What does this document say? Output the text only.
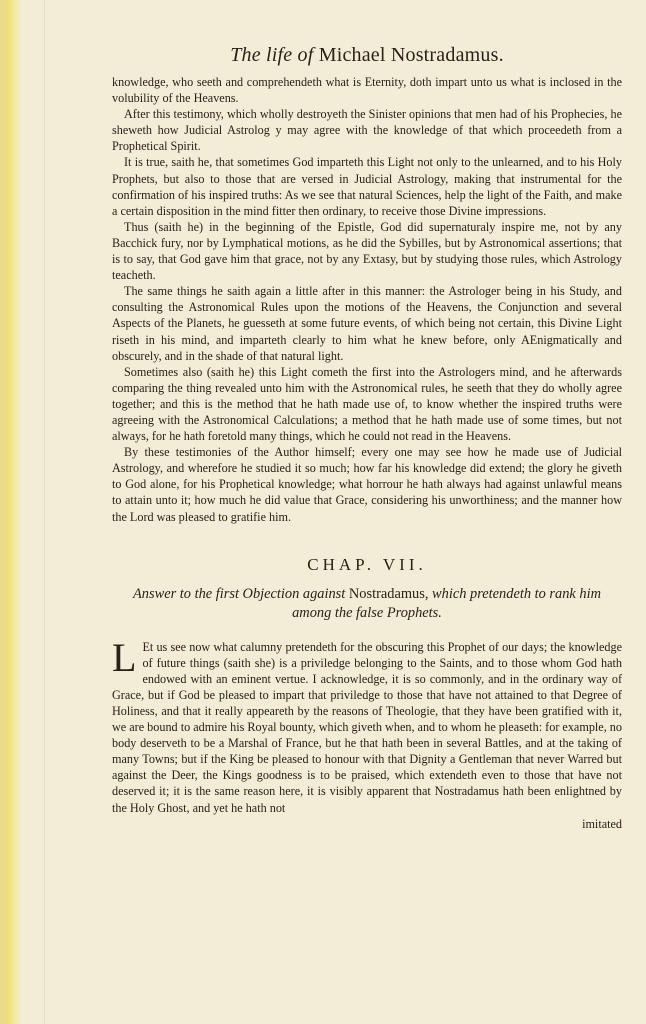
The life of Michael Nostradamus.

knowledge, who seeth and comprehendeth what is Eternity, doth impart unto us what is inclosed in the volubility of the Heavens.

After this testimony, which wholly destroyeth the Sinister opinions that men had of his Prophecies, he sheweth how Judicial Astrolog y may agree with the knowledge of that which proceedeth from a Prophetical Spirit.

It is true, saith he, that sometimes God imparteth this Light not only to the unlearned, and to his Holy Prophets, but also to those that are versed in Judicial Astrology, making that instrumental for the confirmation of his inspired truths: As we see that natural Sciences, help the light of the Faith, and make a certain disposition in the mind fitter then ordinary, to receive those Divine impressions.

Thus (saith he) in the beginning of the Epistle, God did supernaturaly inspire me, not by any Bacchick fury, nor by Lymphatical motions, as he did the Sybilles, but by Astronomical assertions; that is to say, that God gave him that grace, not by any Extasy, but by studying those rules, which Astrology teacheth.

The same things he saith again a little after in this manner: the Astrologer being in his Study, and consulting the Astronomical Rules upon the motions of the Heavens, the Conjunction and several Aspects of the Planets, he guesseth at some future events, of which being not certain, this Divine Light riseth in his mind, and imparteth clearly to him what he knew before, only AEnigmatically and obscurely, and in the shade of that natural light.

Sometimes also (saith he) this Light cometh the first into the Astrologers mind, and he afterwards comparing the thing revealed unto him with the Astronomical rules, he seeth that they do wholly agree together; and this is the method that he hath made use of, to know whether the inspired truths were agreeing with the Astronomical Calculations; a method that he hath made use of some times, but not always, for he hath foretold many things, which he could not read in the Heavens.

By these testimonies of the Author himself; every one may see how he made use of Judicial Astrology, and wherefore he studied it so much; how far his knowledge did extend; the glory he giveth to God alone, for his Prophetical knowledge; what horrour he hath always had against unlawful means to attain unto it; how much he did value that Grace, considering his unworthiness; and the manner how the Lord was pleased to gratifie him.

CHAP. VII.
Answer to the first Objection against Nostradamus, which pretendeth to rank him among the false Prophets.

L Et us see now what calumny pretendeth for the obscuring this Prophet of our days; the knowledge of future things (saith she) is a priviledge belonging to the Saints, and to those whom God hath endowed with an eminent vertue. I acknowledge, it is so commonly, and in the ordinary way of Grace, but if God be pleased to impart that priviledge to those that have not attained to that Degree of Holiness, and that it really appeareth by the reasons of Theologie, that they have been gratified with it, we are bound to admire his Royal bounty, which giveth when, and to whom he pleaseth: for example, no body deserveth to be a Marshal of France, but he that hath been in several Battles, and at the taking of many Towns; but if the King be pleased to honour with that Dignity a Gentleman that never Warred but against the Deer, the Kings goodness is to be praised, which extendeth even to those that have not deserved it; it is the same reason here, it is visibly apparent that Nostradamus hath been enlightned by the Holy Ghost, and yet he hath not

imitated
